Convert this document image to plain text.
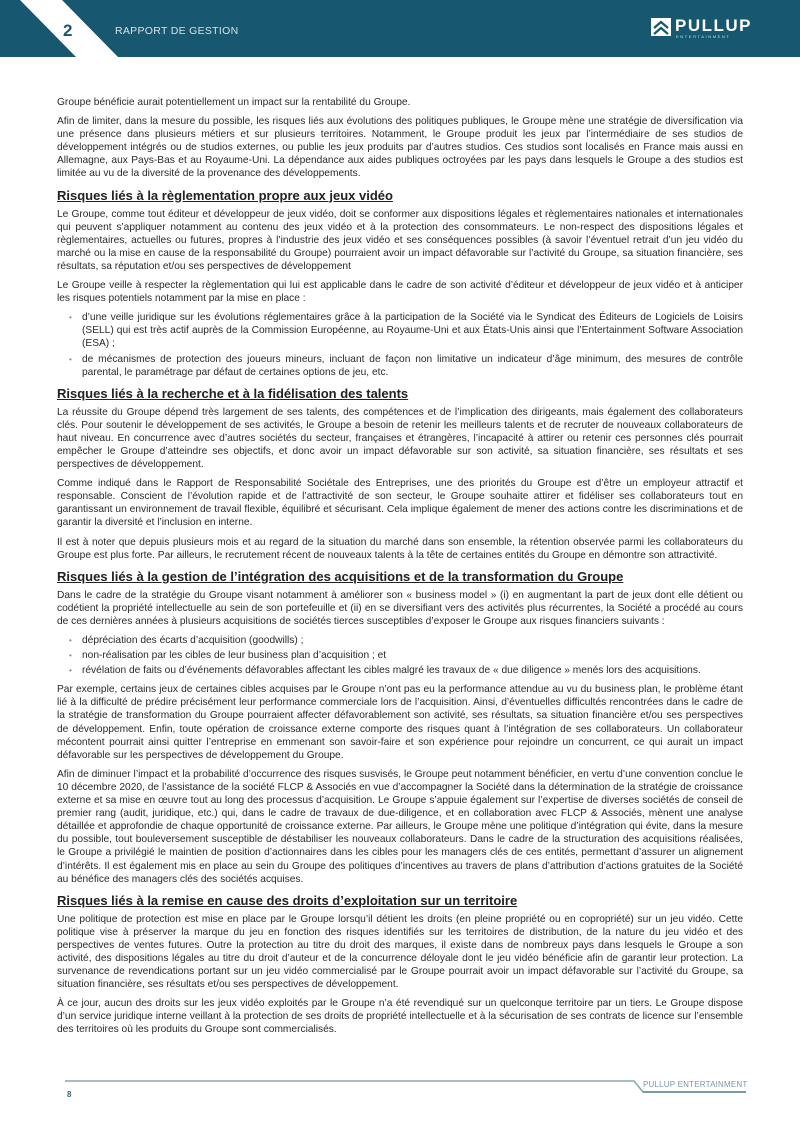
2	RAPPORT DE GESTION	PULLUP
ENTERTAINMENT

Groupe bénéficie aurait potentiellement un impact sur la rentabilité du Groupe.

Afin de limiter, dans la mesure du possible, les risques liés aux évolutions des politiques publiques, le Groupe mène une stratégie de diversification via une présence dans plusieurs métiers et sur plusieurs territoires. Notamment, le Groupe produit les jeux par l’intermédiaire de ses studios de développement intégrés ou de studios externes, ou publie les jeux produits par d’autres studios. Ces studios sont localisés en France mais aussi en Allemagne, aux Pays-Bas et au Royaume-Uni. La dépendance aux aides publiques octroyées par les pays dans lesquels le Groupe a des studios est limitée au vu de la diversité de la provenance des développements.

Risques liés à la règlementation propre aux jeux vidéo

Le Groupe, comme tout éditeur et développeur de jeux vidéo, doit se conformer aux dispositions légales et règlementaires nationales et internationales qui peuvent s’appliquer notamment au contenu des jeux vidéo et à la protection des consommateurs. Le non-respect des dispositions légales et règlementaires, actuelles ou futures, propres à l’industrie des jeux vidéo et ses conséquences possibles (à savoir l’éventuel retrait d’un jeu vidéo du marché ou la mise en cause de la responsabilité du Groupe) pourraient avoir un impact défavorable sur l’activité du Groupe, sa situation financière, ses résultats, sa réputation et/ou ses perspectives de développement

Le Groupe veille à respecter la règlementation qui lui est applicable dans le cadre de son activité d’éditeur et développeur de jeux vidéo et à anticiper les risques potentiels notamment par la mise en place :

• d’une veille juridique sur les évolutions réglementaires grâce à la participation de la Société via le Syndicat des Éditeurs de Logiciels de Loisirs (SELL) qui est très actif auprès de la Commission Européenne, au Royaume-Uni et aux États-Unis ainsi que l’Entertainment Software Association (ESA) ;
• de mécanismes de protection des joueurs mineurs, incluant de façon non limitative un indicateur d’âge minimum, des mesures de contrôle parental, le paramétrage par défaut de certaines options de jeu, etc.
Risques liés à la recherche et à la fidélisation des talents

La réussite du Groupe dépend très largement de ses talents, des compétences et de l’implication des dirigeants, mais également des collaborateurs clés. Pour soutenir le développement de ses activités, le Groupe a besoin de retenir les meilleurs talents et de recruter de nouveaux collaborateurs de haut niveau. En concurrence avec d’autres sociétés du secteur, françaises et étrangères, l’incapacité à attirer ou retenir ces personnes clés pourrait empêcher le Groupe d’atteindre ses objectifs, et donc avoir un impact défavorable sur son activité, sa situation financière, ses résultats et ses perspectives de développement.

Comme indiqué dans le Rapport de Responsabilité Sociétale des Entreprises, une des priorités du Groupe est d’être un employeur attractif et responsable. Conscient de l’évolution rapide et de l’attractivité de son secteur, le Groupe souhaite attirer et fidéliser ses collaborateurs tout en garantissant un environnement de travail flexible, équilibré et sécurisant. Cela implique également de mener des actions contre les discriminations et de garantir la diversité et l’inclusion en interne.

Il est à noter que depuis plusieurs mois et au regard de la situation du marché dans son ensemble, la rétention observée parmi les collaborateurs du Groupe est plus forte. Par ailleurs, le recrutement récent de nouveaux talents à la tête de certaines entités du Groupe en démontre son attractivité.

Risques liés à la gestion de l’intégration des acquisitions et de la transformation du Groupe

Dans le cadre de la stratégie du Groupe visant notamment à améliorer son « business model » (i) en augmentant la part de jeux dont elle détient ou codétient la propriété intellectuelle au sein de son portefeuille et (ii) en se diversifiant vers des activités plus récurrentes, la Société a procédé au cours de ces dernières années à plusieurs acquisitions de sociétés tierces susceptibles d’exposer le Groupe aux risques financiers suivants :

• dépréciation des écarts d’acquisition (goodwills) ;
• non-réalisation par les cibles de leur business plan d’acquisition ; et
• révélation de faits ou d’événements défavorables affectant les cibles malgré les travaux de « due diligence » menés lors des acquisitions.

Par exemple, certains jeux de certaines cibles acquises par le Groupe n’ont pas eu la performance attendue au vu du business plan, le problème étant lié à la difficulté de prédire précisément leur performance commerciale lors de l’acquisition. Ainsi, d’éventuelles difficultés rencontrées dans le cadre de la stratégie de transformation du Groupe pourraient affecter défavorablement son activité, ses résultats, sa situation financière et/ou ses perspectives de développement. Enfin, toute opération de croissance externe comporte des risques quant à l’intégration de ses collaborateurs. Un collaborateur mécontent pourrait ainsi quitter l’entreprise en emmenant son savoir-faire et son expérience pour rejoindre un concurrent, ce qui aurait un impact défavorable sur les perspectives de développement du Groupe.

Afin de diminuer l’impact et la probabilité d’occurrence des risques susvisés, le Groupe peut notamment bénéficier, en vertu d’une convention conclue le 10 décembre 2020, de l’assistance de la société FLCP & Associés en vue d’accompagner la Société dans la détermination de la stratégie de croissance externe et sa mise en œuvre tout au long des processus d’acquisition. Le Groupe s’appuie également sur l’expertise de diverses sociétés de conseil de premier rang (audit, juridique, etc.) qui, dans le cadre de travaux de due-diligence, et en collaboration avec FLCP & Associés, mènent une analyse détaillée et approfondie de chaque opportunité de croissance externe. Par ailleurs, le Groupe mène une politique d’intégration qui évite, dans la mesure du possible, tout bouleversement susceptible de déstabiliser les nouveaux collaborateurs. Dans le cadre de la structuration des acquisitions réalisées, le Groupe a privilégié le maintien de position d’actionnaires dans les cibles pour les managers clés de ces entités, permettant d’assurer un alignement d’intérêts. Il est également mis en place au sein du Groupe des politiques d’incentives au travers de plans d’attribution d’actions gratuites de la Société au bénéfice des managers clés des sociétés acquises.

Risques liés à la remise en cause des droits d’exploitation sur un territoire

Une politique de protection est mise en place par le Groupe lorsqu’il détient les droits (en pleine propriété ou en copropriété) sur un jeu vidéo. Cette politique vise à préserver la marque du jeu en fonction des risques identifiés sur les territoires de distribution, de la nature du jeu vidéo et des perspectives de ventes futures. Outre la protection au titre du droit des marques, il existe dans de nombreux pays dans lesquels le Groupe a son activité, des dispositions légales au titre du droit d’auteur et de la concurrence déloyale dont le jeu vidéo bénéficie afin de garantir leur protection. La survenance de revendications portant sur un jeu vidéo commercialisé par le Groupe pourrait avoir un impact défavorable sur l’activité du Groupe, sa situation financière, ses résultats et/ou ses perspectives de développement.

À ce jour, aucun des droits sur les jeux vidéo exploités par le Groupe n’a été revendiqué sur un quelconque territoire par un tiers. Le Groupe dispose d’un service juridique interne veillant à la protection de ses droits de propriété intellectuelle et à la sécurisation de ses contrats de licence sur l’ensemble des territoires où les produits du Groupe sont commercialisés.

8
PULLUP ENTERTAINMENT
